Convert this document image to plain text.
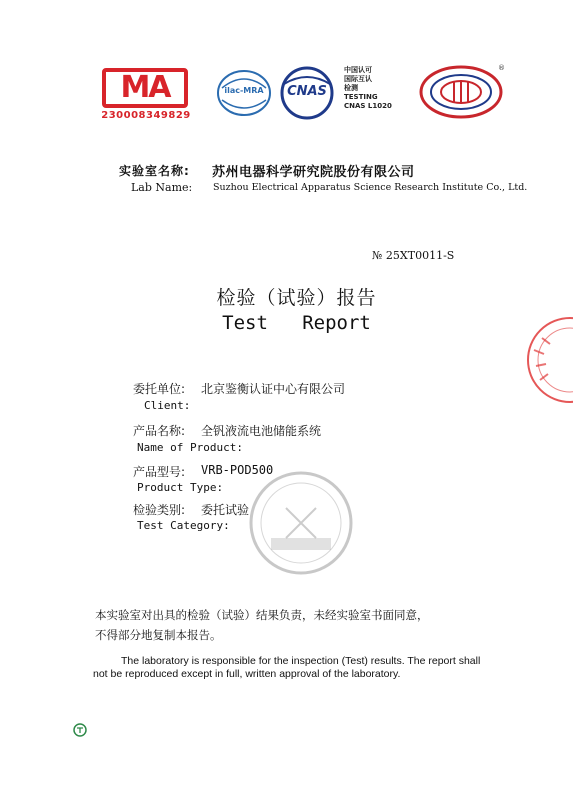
MA
230008349829
ilac-MRA	CNAS
中国认可
国际互认
检测
TESTING
CNAS L1020
®
实验室名称: 苏州电器科学研究院股份有限公司
Lab Name: Suzhou Electrical Apparatus Science Research Institute Co., Ltd.
№ 25XT0011-S
检验（试验）报告
Test   Report
委托单位: 北京鉴衡认证中心有限公司
Client:
产品名称: 全钒液流电池储能系统
Name of Product:
产品型号: VRB-POD500
Product Type:
检验类别: 委托试验
Test Category:
本实验室对出具的检验（试验）结果负责，未经实验室书面同意，
不得部分地复制本报告。
The laboratory is responsible for the inspection (Test) results. The report shall
not be reproduced except in full, written approval of the laboratory.
